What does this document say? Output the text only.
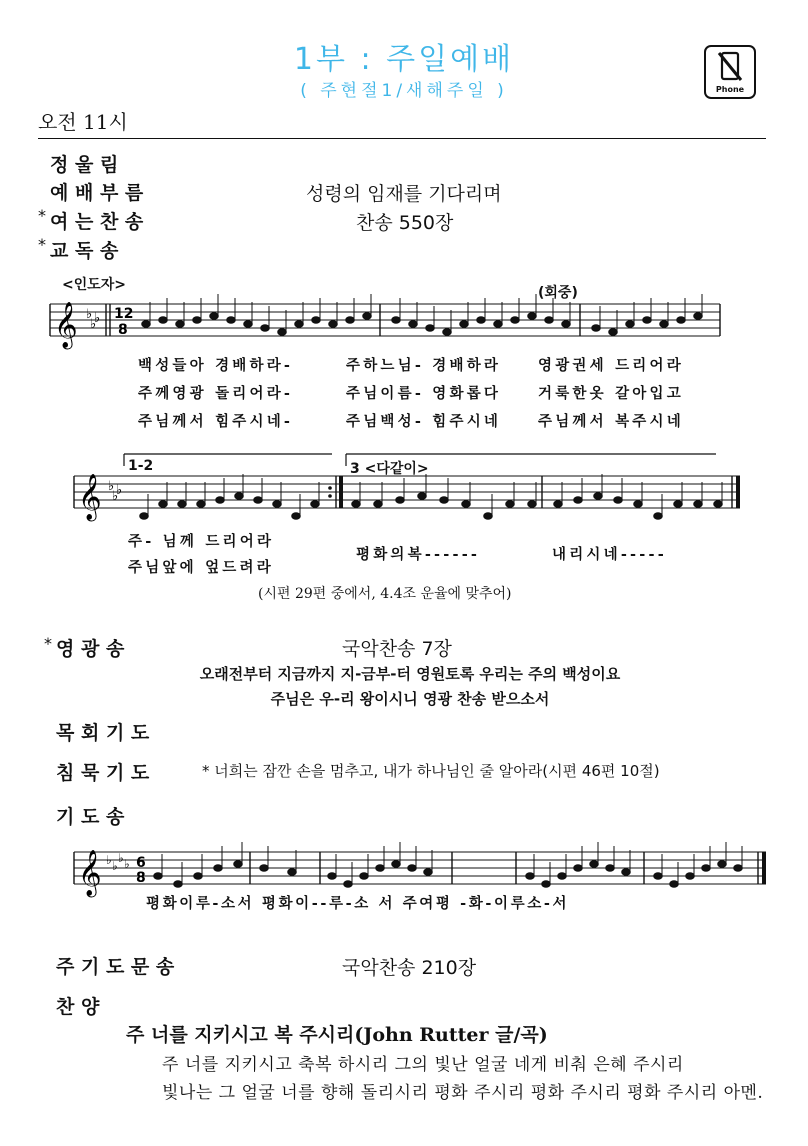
1부 : 주일예배
( 주현절1/새해주일 )	Phone
오전 11시
정 울 림
예 배 부 름	성령의 임재를 기다리며
* 여 는 찬 송	찬송 550장
* 교 독 송
<인도자>	(회중)
𝄞 ♭ ♭
♭
12
8
백성들아 경배하라-	주하느님- 경배하라	영광권세 드리어라
주께영광 돌리어라-	주님이름- 영화롭다	거룩한옷 갈아입고
주님께서 힘주시네-	주님백성- 힘주시네	주님께서 복주시네
𝄞 ♭ ♭
♭
1-2	3 <다같이>
주- 님께 드리어라
주님앞에 엎드려라
평화의복------	내리시네-----
(시편 29편 중에서, 4.4조 운율에 맞추어)
* 영 광 송	국악찬송 7장
오래전부터 지금까지 지-금부-터 영원토록 우리는 주의 백성이요
주님은 우-리 왕이시니 영광 찬송 받으소서
목 회 기 도
침 묵 기 도	* 너희는 잠깐 손을 멈추고, 내가 하나님인 줄 알아라(시편 46편 10절)
기 도 송
𝄞 ♭ ♭
♭ ♭ 6
8
평화이루-소서 평화이--루-소 서 주여평 -화-이루소-서
주 기 도 문 송	국악찬송 210장
찬 양
주 너를 지키시고 복 주시리(John Rutter 글/곡)
주 너를 지키시고 축복 하시리 그의 빛난 얼굴 네게 비춰 은혜 주시리
빛나는 그 얼굴 너를 향해 돌리시리 평화 주시리 평화 주시리 평화 주시리 아멘.
